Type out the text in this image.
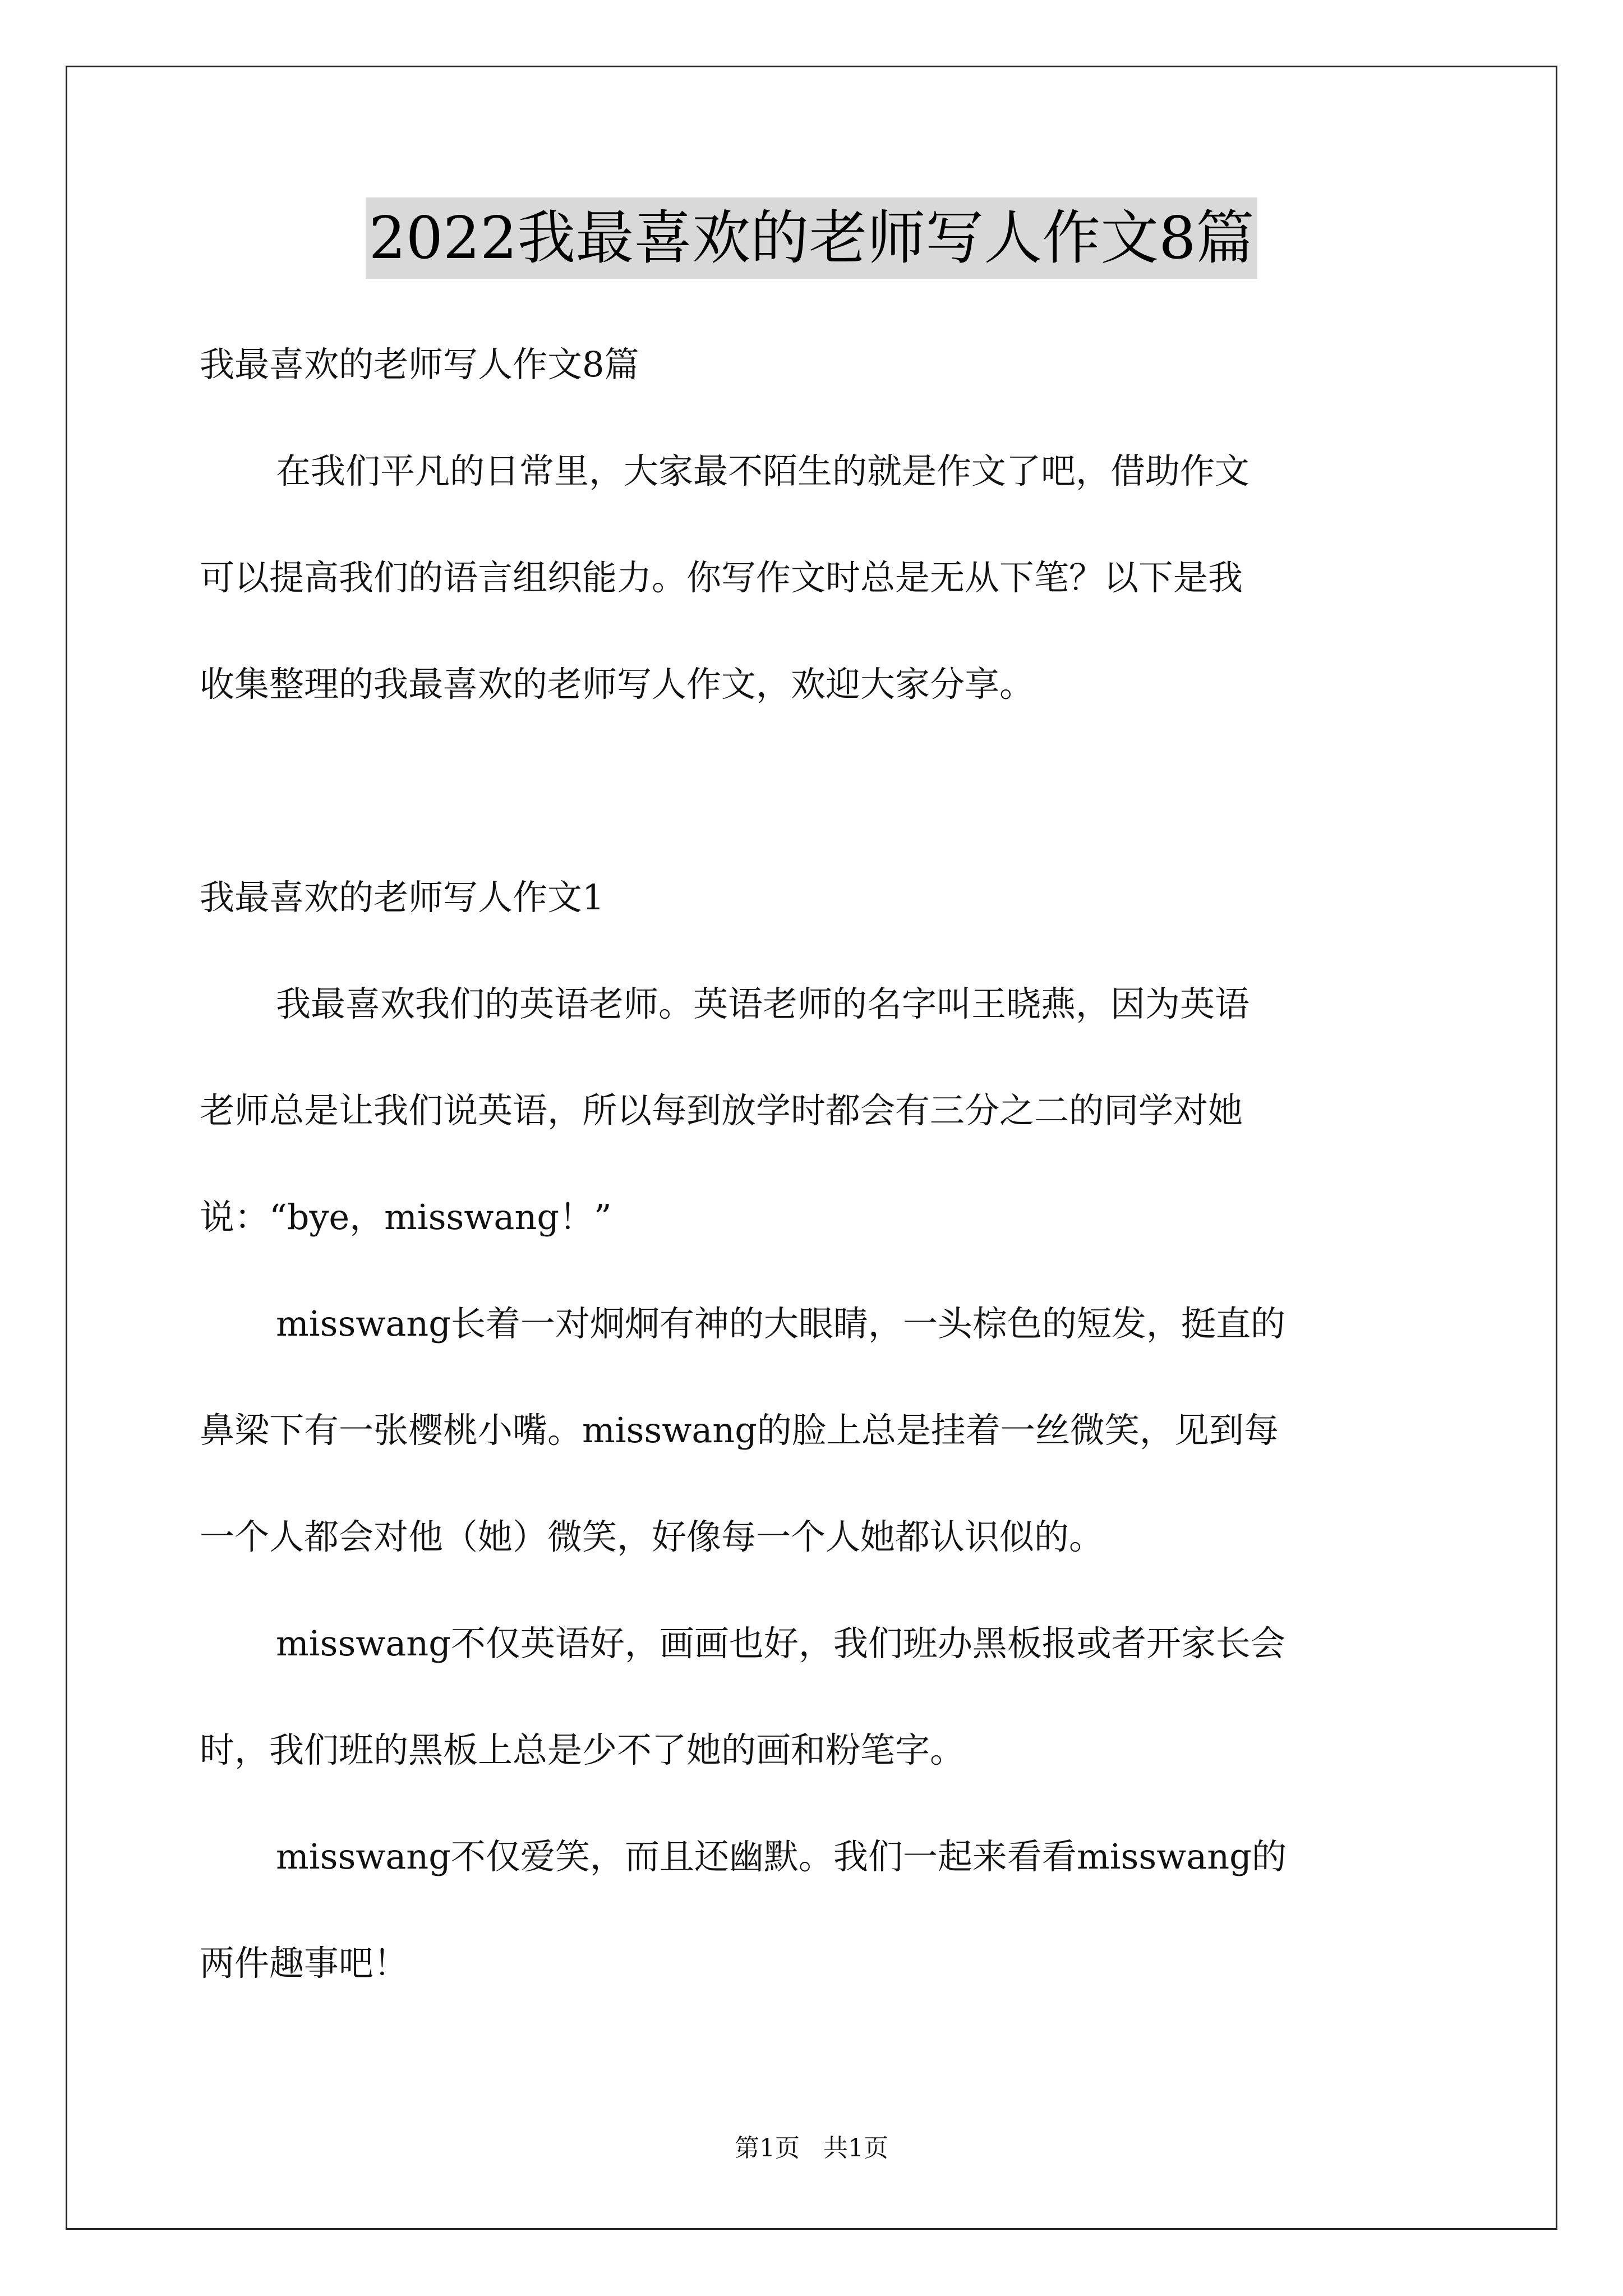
2022我最喜欢的老师写人作文8篇
我最喜欢的老师写人作文8篇
在我们平凡的日常里，大家最不陌生的就是作文了吧，借助作文
可以提高我们的语言组织能力。你写作文时总是无从下笔？以下是我
收集整理的我最喜欢的老师写人作文，欢迎大家分享。
我最喜欢的老师写人作文1
我最喜欢我们的英语老师。英语老师的名字叫王晓燕，因为英语
老师总是让我们说英语，所以每到放学时都会有三分之二的同学对她
说：“bye，misswang！”
misswang长着一对炯炯有神的大眼睛，一头棕色的短发，挺直的
鼻梁下有一张樱桃小嘴。misswang的脸上总是挂着一丝微笑，见到每
一个人都会对他（她）微笑，好像每一个人她都认识似的。
misswang不仅英语好，画画也好，我们班办黑板报或者开家长会
时，我们班的黑板上总是少不了她的画和粉笔字。
misswang不仅爱笑，而且还幽默。我们一起来看看misswang的
两件趣事吧！
第1页   共1页
